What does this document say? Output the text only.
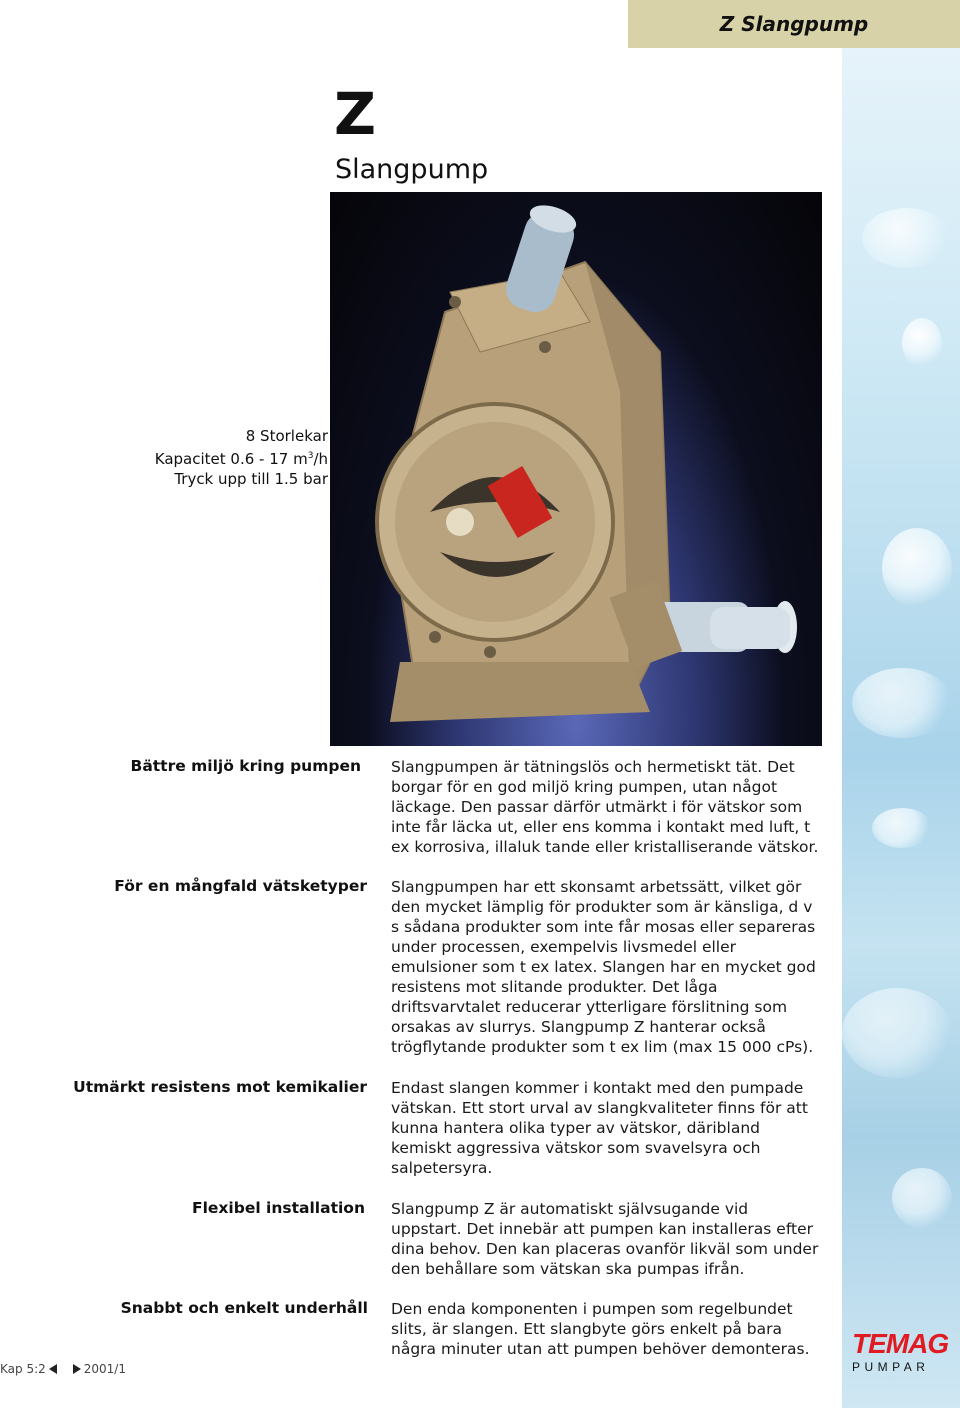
Z Slangpump
Z
Slangpump
8 Storlekar
Kapacitet 0.6 - 17 $m^3/h$
Tryck upp till 1.5 bar
Bättre miljö kring pumpen Slangpumpen är tätningslös och hermetiskt tät. Det borgar för en god miljö kring pumpen, utan något läckage. Den passar därför utmärkt i för vätskor som inte får läcka ut, eller ens komma i kontakt med luft, t ex korrosiva, illaluk tande eller kristalliserande vätskor.
För en mångfald vätsketyper Slangpumpen har ett skonsamt arbetssätt, vilket gör den mycket lämplig för produkter som är känsliga, d v s sådana produkter som inte får mosas eller separeras under processen, exempelvis livsmedel eller emulsioner som t ex latex. Slangen har en mycket god resistens mot slitande produkter. Det låga driftsvarvtalet reducerar ytterligare förslitning som orsakas av slurrys. Slangpump Z hanterar också trögflytande produkter som t ex lim (max 15 000 cPs).
Utmärkt resistens mot kemikalier Endast slangen kommer i kontakt med den pumpade vätskan. Ett stort urval av slangkvaliteter finns för att kunna hantera olika typer av vätskor, däribland kemiskt aggressiva vätskor som svavelsyra och salpetersyra.
Flexibel installation Slangpump Z är automatiskt självsugande vid uppstart. Det innebär att pumpen kan installeras efter dina behov. Den kan placeras ovanför likväl som under den behållare som vätskan ska pumpas ifrån.
Snabbt och enkelt underhåll Den enda komponenten i pumpen som regelbundet slits, är slangen. Ett slangbyte görs enkelt på bara några minuter utan att pumpen behöver demonteras.
Kap 5:2	2001/1
TEMAG
PUMPAR
